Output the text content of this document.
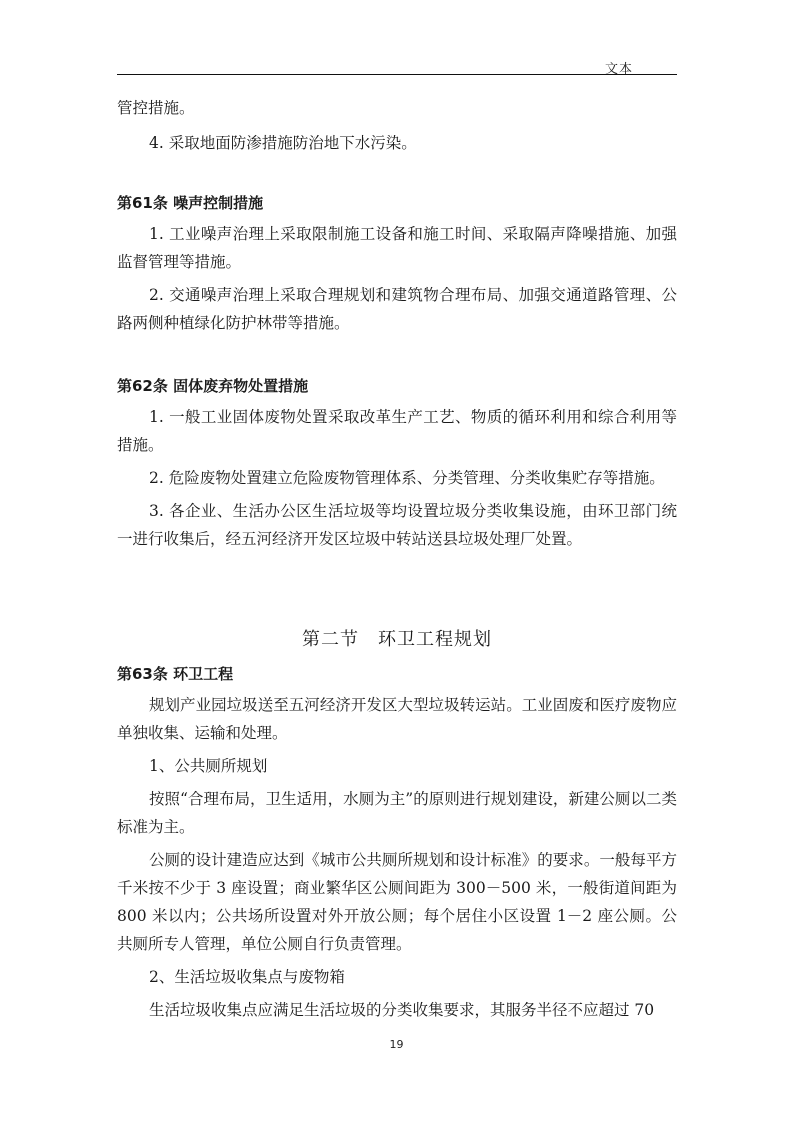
文本

管控措施。

4. 采取地面防渗措施防治地下水污染。

第61条 噪声控制措施

1. 工业噪声治理上采取限制施工设备和施工时间、采取隔声降噪措施、加强监督管理等措施。

2. 交通噪声治理上采取合理规划和建筑物合理布局、加强交通道路管理、公路两侧种植绿化防护林带等措施。

第62条 固体废弃物处置措施

1. 一般工业固体废物处置采取改革生产工艺、物质的循环利用和综合利用等措施。

2. 危险废物处置建立危险废物管理体系、分类管理、分类收集贮存等措施。

3. 各企业、生活办公区生活垃圾等均设置垃圾分类收集设施，由环卫部门统一进行收集后，经五河经济开发区垃圾中转站送县垃圾处理厂处置。

第二节　环卫工程规划

第63条 环卫工程

规划产业园垃圾送至五河经济开发区大型垃圾转运站。工业固废和医疗废物应单独收集、运输和处理。

1、公共厕所规划

按照“合理布局，卫生适用，水厕为主”的原则进行规划建设，新建公厕以二类标准为主。

公厕的设计建造应达到《城市公共厕所规划和设计标准》的要求。一般每平方千米按不少于 3 座设置；商业繁华区公厕间距为 300－500 米，一般街道间距为 800 米以内；公共场所设置对外开放公厕；每个居住小区设置 1－2 座公厕。公共厕所专人管理，单位公厕自行负责管理。

2、生活垃圾收集点与废物箱

生活垃圾收集点应满足生活垃圾的分类收集要求，其服务半径不应超过 70

19
